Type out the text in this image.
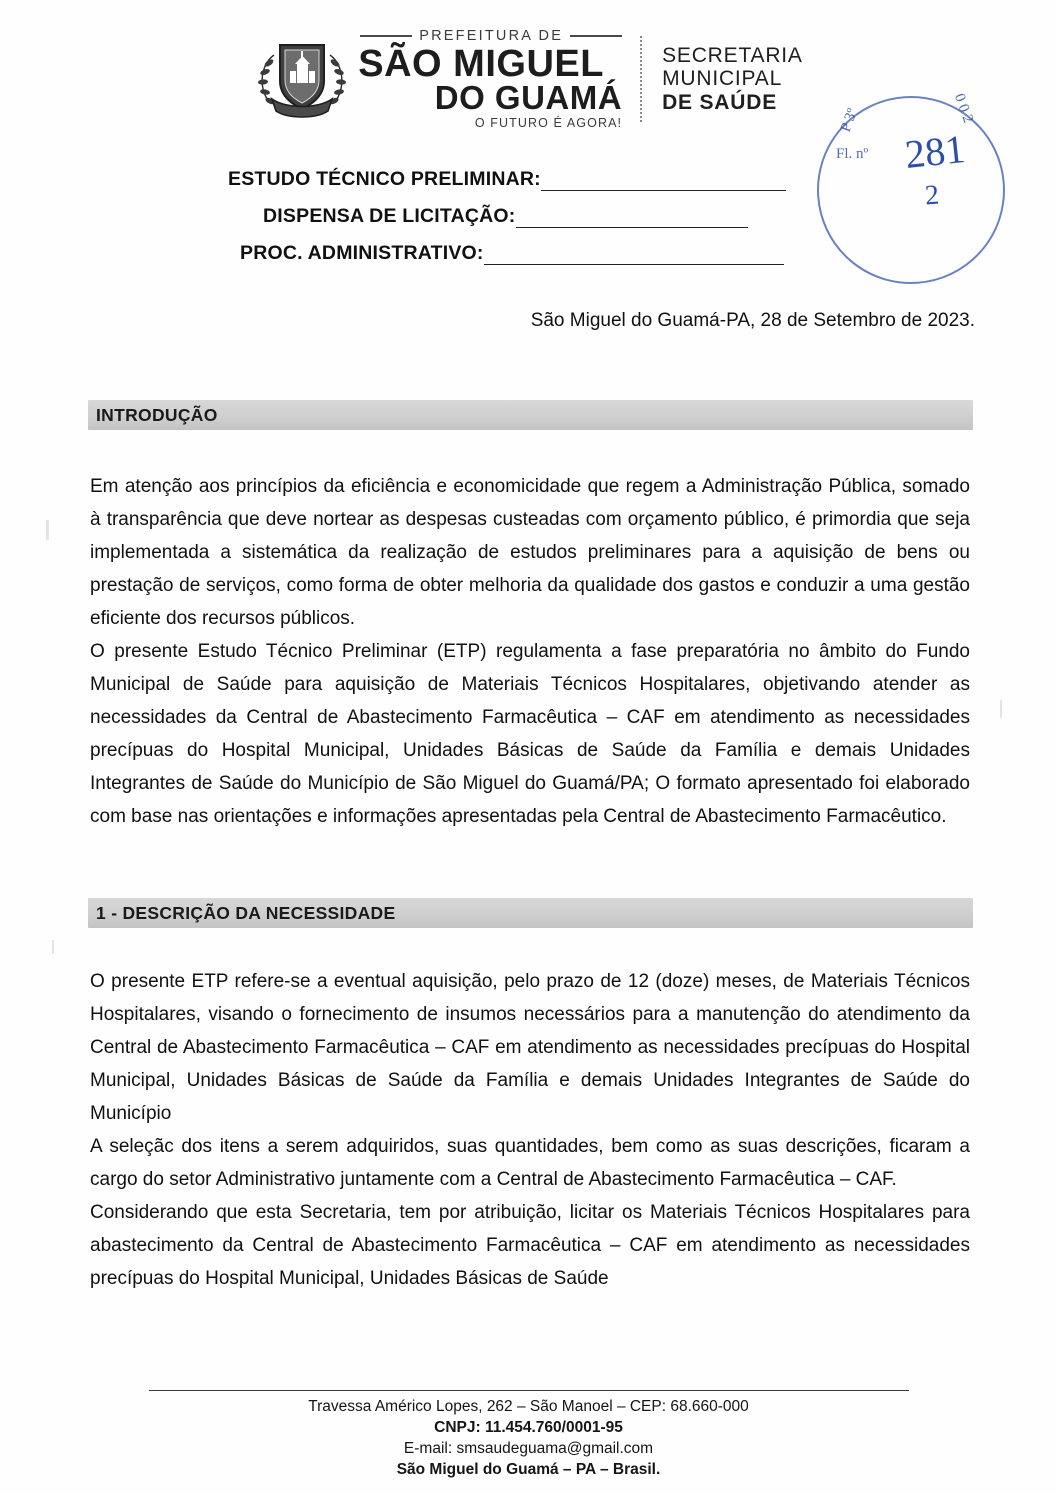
PREFEITURA DE
SÃO MIGUEL
DO GUAMÁ
O FUTURO É AGORA!
SECRETARIA
MUNICIPAL
DE SAÚDE
281
2
P 3º	0 0 2
Fl. nº
ESTUDO TÉCNICO PRELIMINAR:
DISPENSA DE LICITAÇÃO:
PROC. ADMINISTRATIVO:
São Miguel do Guamá-PA, 28 de Setembro de 2023.
INTRODUÇÃO

Em atenção aos princípios da eficiência e economicidade que regem a Administração Pública, somado à transparência que deve nortear as despesas custeadas com orçamento público, é primordia que seja implementada a sistemática da realização de estudos preliminares para a aquisição de bens ou prestação de serviços, como forma de obter melhoria da qualidade dos gastos e conduzir a uma gestão eficiente dos recursos públicos.

O presente Estudo Técnico Preliminar (ETP) regulamenta a fase preparatória no âmbito do Fundo Municipal de Saúde para aquisição de Materiais Técnicos Hospitalares, objetivando atender as necessidades da Central de Abastecimento Farmacêutica – CAF em atendimento as necessidades precípuas do Hospital Municipal, Unidades Básicas de Saúde da Família e demais Unidades Integrantes de Saúde do Município de São Miguel do Guamá/PA; O formato apresentado foi elaborado com base nas orientações e informações apresentadas pela Central de Abastecimento Farmacêutico.

1 - DESCRIÇÃO DA NECESSIDADE

O presente ETP refere-se a eventual aquisição, pelo prazo de 12 (doze) meses, de Materiais Técnicos Hospitalares, visando o fornecimento de insumos necessários para a manutenção do atendimento da Central de Abastecimento Farmacêutica – CAF em atendimento as necessidades precípuas do Hospital Municipal, Unidades Básicas de Saúde da Família e demais Unidades Integrantes de Saúde do Município

A seleçãc dos itens a serem adquiridos, suas quantidades, bem como as suas descrições, ficaram a cargo do setor Administrativo juntamente com a Central de Abastecimento Farmacêutica – CAF.

Considerando que esta Secretaria, tem por atribuição, licitar os Materiais Técnicos Hospitalares para abastecimento da Central de Abastecimento Farmacêutica – CAF em atendimento as necessidades precípuas do Hospital Municipal, Unidades Básicas de Saúde

Travessa Américo Lopes, 262 – São Manoel – CEP: 68.660-000
CNPJ: 11.454.760/0001-95
E-mail: smsaudeguama@gmail.com
São Miguel do Guamá – PA – Brasil.
